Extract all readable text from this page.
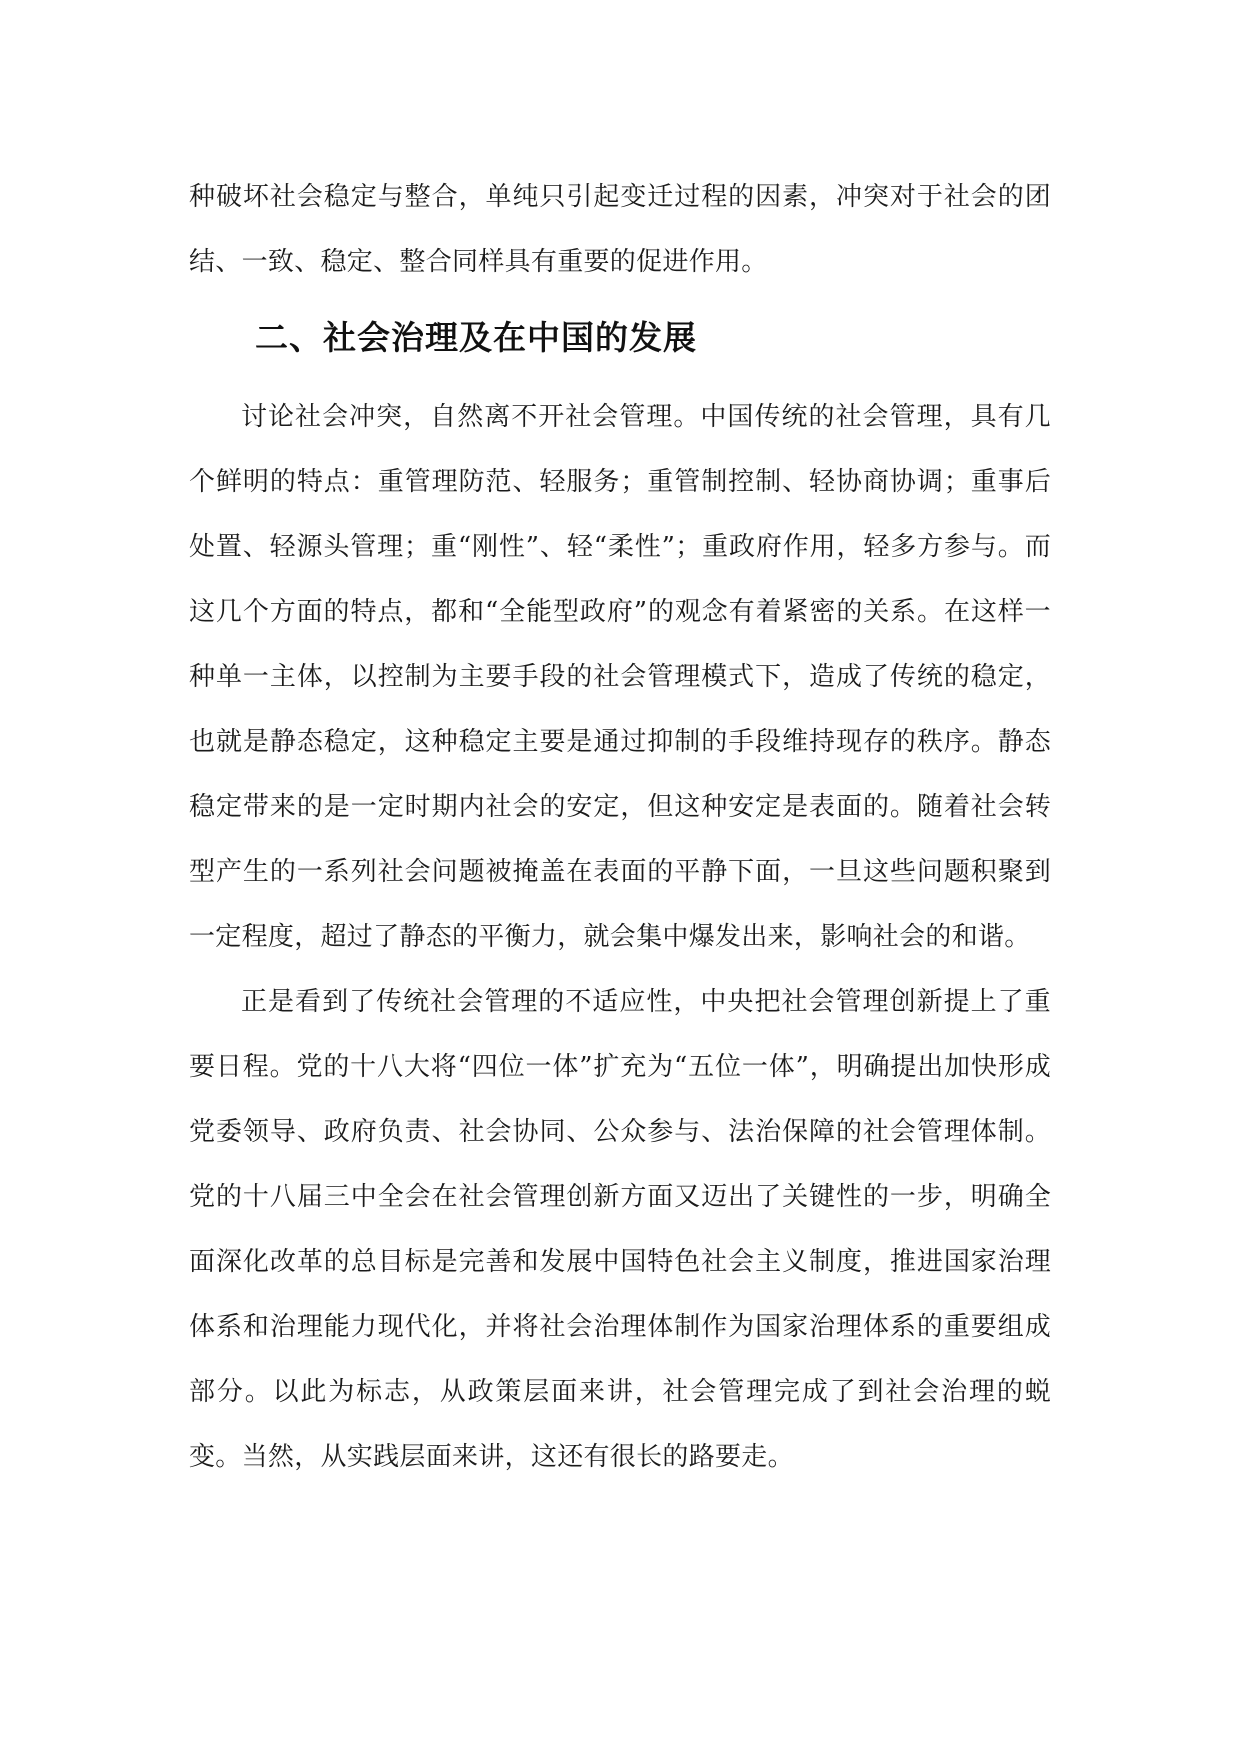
种破坏社会稳定与整合，单纯只引起变迁过程的因素，冲突对于社会的团结、一致、稳定、整合同样具有重要的促进作用。

二、社会治理及在中国的发展

讨论社会冲突，自然离不开社会管理。中国传统的社会管理，具有几个鲜明的特点：重管理防范、轻服务；重管制控制、轻协商协调；重事后处置、轻源头管理；重“刚性”、轻“柔性”；重政府作用，轻多方参与。而这几个方面的特点，都和“全能型政府”的观念有着紧密的关系。在这样一种单一主体，以控制为主要手段的社会管理模式下，造成了传统的稳定，也就是静态稳定，这种稳定主要是通过抑制的手段维持现存的秩序。静态稳定带来的是一定时期内社会的安定，但这种安定是表面的。随着社会转型产生的一系列社会问题被掩盖在表面的平静下面，一旦这些问题积聚到一定程度，超过了静态的平衡力，就会集中爆发出来，影响社会的和谐。

正是看到了传统社会管理的不适应性，中央把社会管理创新提上了重要日程。党的十八大将“四位一体”扩充为“五位一体”，明确提出加快形成党委领导、政府负责、社会协同、公众参与、法治保障的社会管理体制。党的十八届三中全会在社会管理创新方面又迈出了关键性的一步，明确全面深化改革的总目标是完善和发展中国特色社会主义制度，推进国家治理体系和治理能力现代化，并将社会治理体制作为国家治理体系的重要组成部分。以此为标志，从政策层面来讲，社会管理完成了到社会治理的蜕变。当然，从实践层面来讲，这还有很长的路要走。
